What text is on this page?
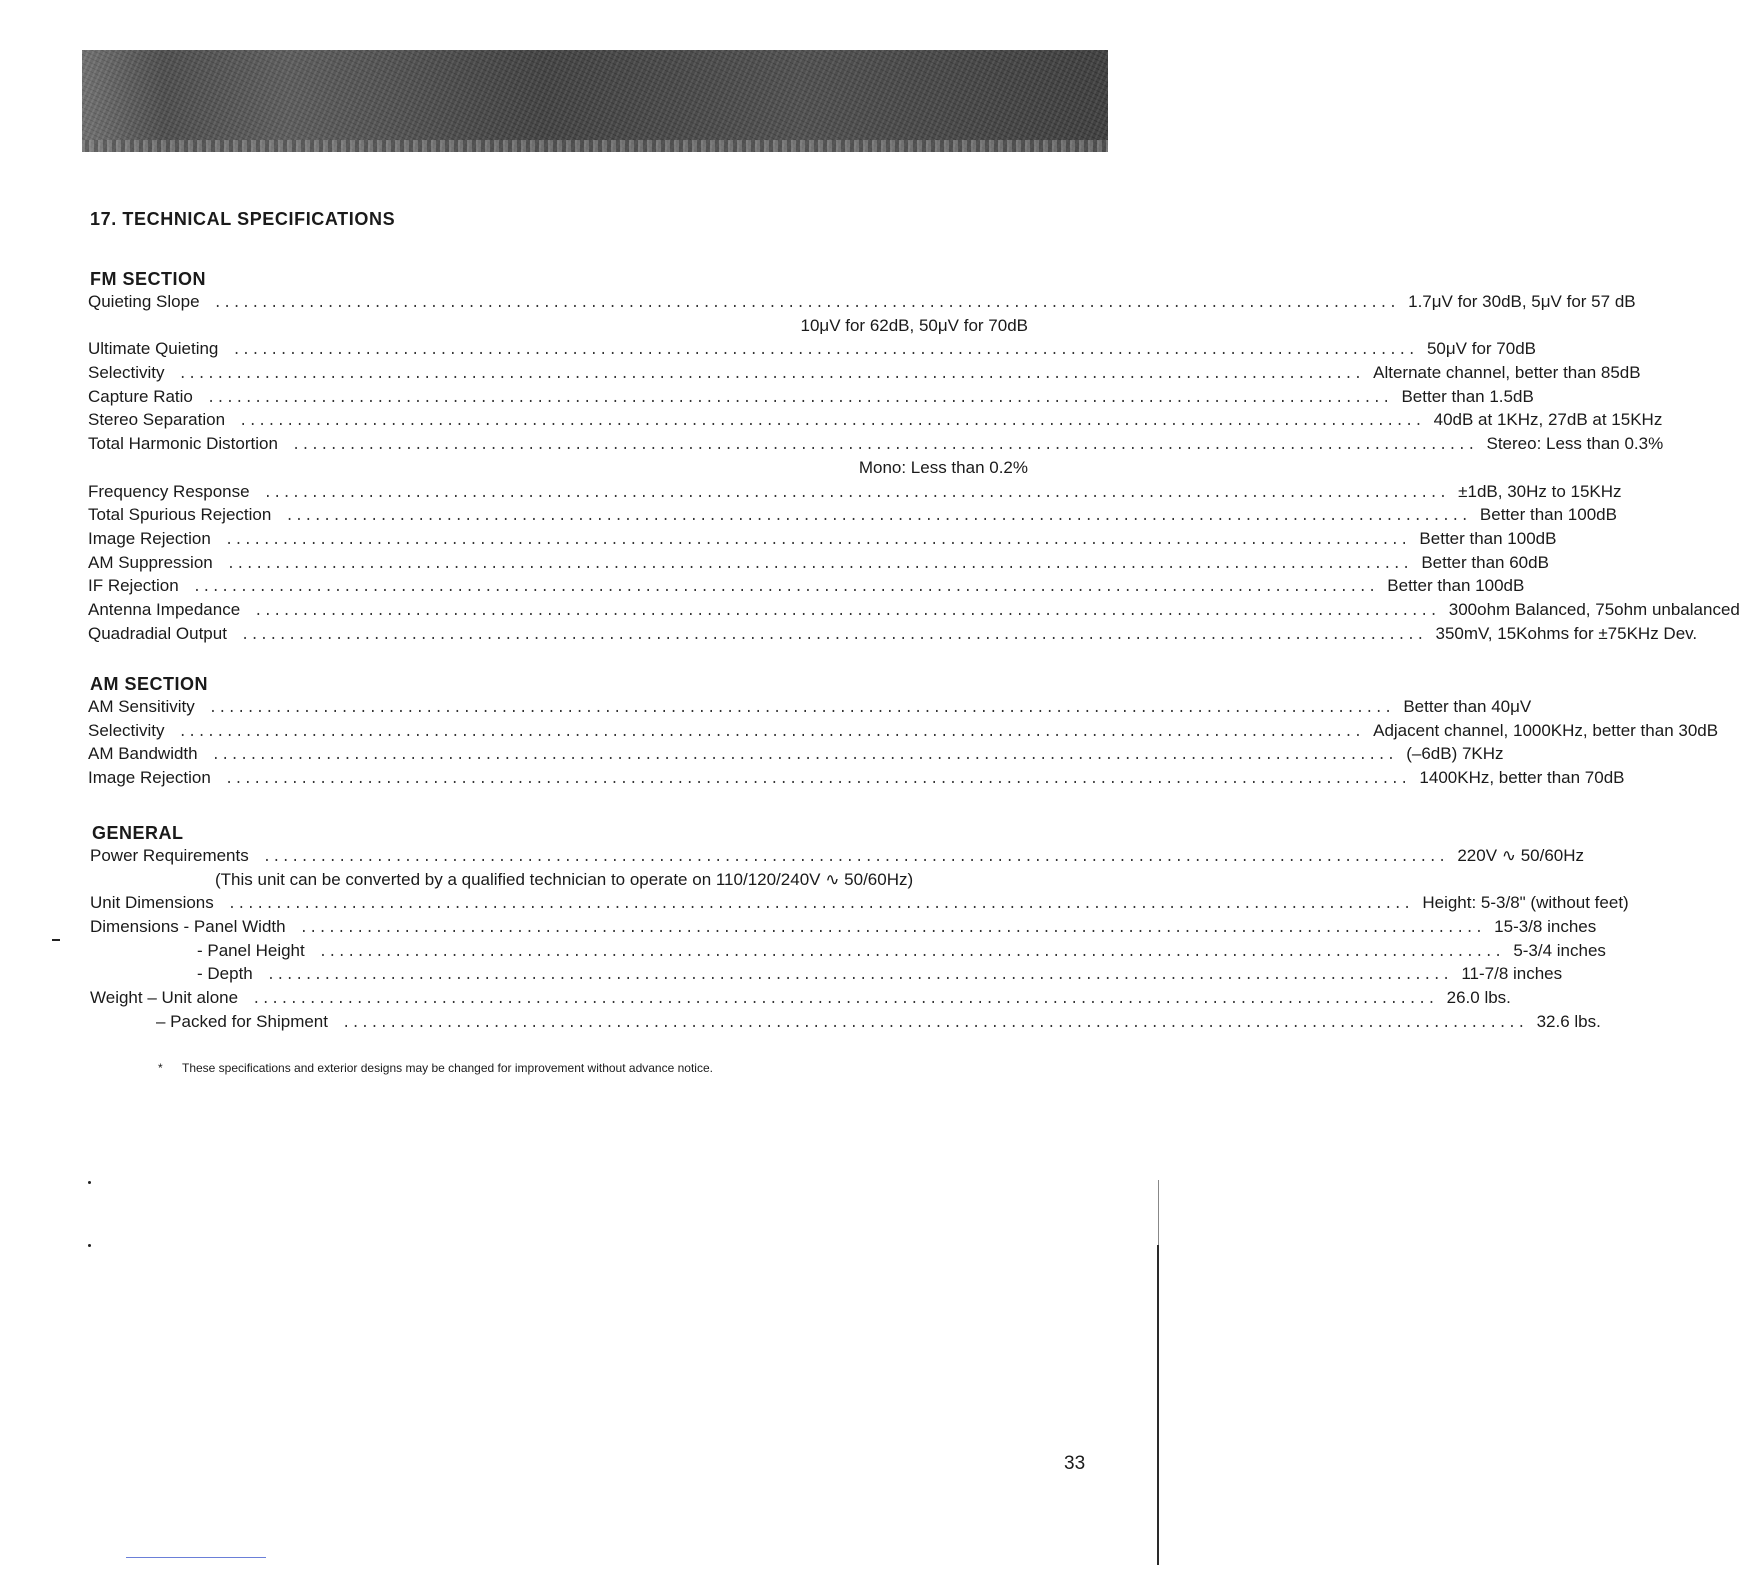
17. TECHNICAL SPECIFICATIONS
FM SECTION
Quieting Slope .............................................................................................................................. 1.7μV for 30dB, 5μV for 57 dB
10μV for 62dB, 50μV for 70dB
Ultimate Quieting .............................................................................................................................. 50μV for 70dB
Selectivity .............................................................................................................................. Alternate channel, better than 85dB
Capture Ratio .............................................................................................................................. Better than 1.5dB
Stereo Separation .............................................................................................................................. 40dB at 1KHz, 27dB at 15KHz
Total Harmonic Distortion .............................................................................................................................. Stereo: Less than 0.3%
Mono: Less than 0.2%
Frequency Response .............................................................................................................................. ±1dB, 30Hz to 15KHz
Total Spurious Rejection .............................................................................................................................. Better than 100dB
Image Rejection .............................................................................................................................. Better than 100dB
AM Suppression .............................................................................................................................. Better than 60dB
IF Rejection .............................................................................................................................. Better than 100dB
Antenna Impedance .............................................................................................................................. 300ohm Balanced, 75ohm unbalanced
Quadradial Output .............................................................................................................................. 350mV, 15Kohms for ±75KHz Dev.
AM SECTION
AM Sensitivity .............................................................................................................................. Better than 40μV
Selectivity .............................................................................................................................. Adjacent channel, 1000KHz, better than 30dB
AM Bandwidth .............................................................................................................................. (–6dB) 7KHz
Image Rejection .............................................................................................................................. 1400KHz, better than 70dB
GENERAL
Power Requirements .............................................................................................................................. 220V ∿ 50/60Hz
(This unit can be converted by a qualified technician to operate on 110/120/240V ∿ 50/60Hz)
Unit Dimensions .............................................................................................................................. Height: 5-3/8" (without feet)
Dimensions - Panel Width .............................................................................................................................. 15-3/8 inches
- Panel Height .............................................................................................................................. 5-3/4 inches
- Depth .............................................................................................................................. 11-7/8 inches
Weight – Unit alone .............................................................................................................................. 26.0 lbs.
– Packed for Shipment .............................................................................................................................. 32.6 lbs.

* These specifications and exterior designs may be changed for improvement without advance notice.

33
